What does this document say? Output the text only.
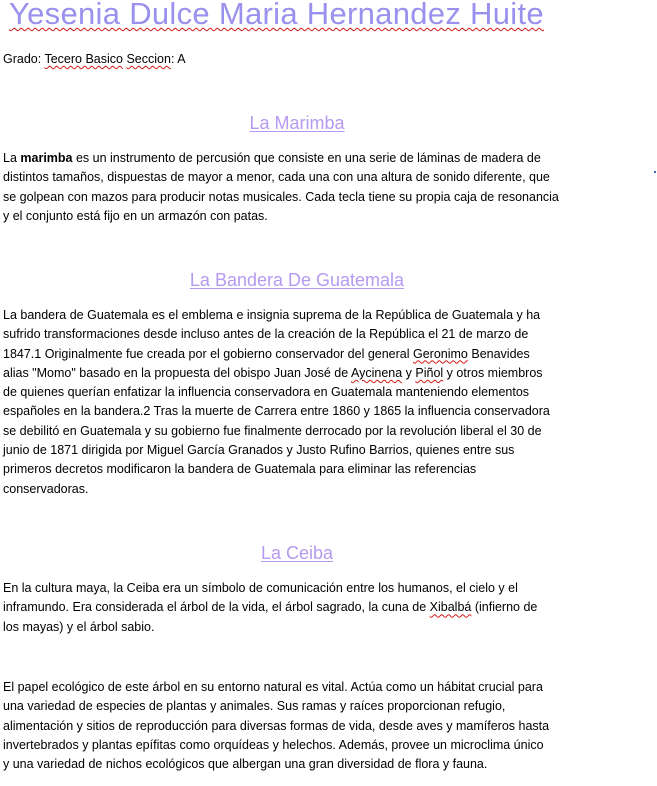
Yesenia Dulce Maria Hernandez Huite
Grado: Tecero Basico Seccion: A
La Marimba
La marimba es un instrumento de percusión que consiste en una serie de láminas de madera de
distintos tamaños, dispuestas de mayor a menor, cada una con una altura de sonido diferente, que
se golpean con mazos para producir notas musicales. Cada tecla tiene su propia caja de resonancia
y el conjunto está fijo en un armazón con patas.
La Bandera De Guatemala
La bandera de Guatemala es el emblema e insignia suprema de la República de Guatemala y ha
sufrido transformaciones desde incluso antes de la creación de la República el 21 de marzo de
1847.1 Originalmente fue creada por el gobierno conservador del general Geronimo Benavides
alias "Momo" basado en la propuesta del obispo Juan José de Aycinena y Piñol y otros miembros
de quienes querían enfatizar la influencia conservadora en Guatemala manteniendo elementos
españoles en la bandera.2 Tras la muerte de Carrera entre 1860 y 1865 la influencia conservadora
se debilitó en Guatemala y su gobierno fue finalmente derrocado por la revolución liberal el 30 de
junio de 1871 dirigida por Miguel García Granados y Justo Rufino Barrios, quienes entre sus
primeros decretos modificaron la bandera de Guatemala para eliminar las referencias
conservadoras.
La Ceiba
En la cultura maya, la Ceiba era un símbolo de comunicación entre los humanos, el cielo y el
inframundo. Era considerada el árbol de la vida, el árbol sagrado, la cuna de Xibalbá (infierno de
los mayas) y el árbol sabio.
El papel ecológico de este árbol en su entorno natural es vital. Actúa como un hábitat crucial para
una variedad de especies de plantas y animales. Sus ramas y raíces proporcionan refugio,
alimentación y sitios de reproducción para diversas formas de vida, desde aves y mamíferos hasta
invertebrados y plantas epífitas como orquídeas y helechos. Además, provee un microclima único
y una variedad de nichos ecológicos que albergan una gran diversidad de flora y fauna.
